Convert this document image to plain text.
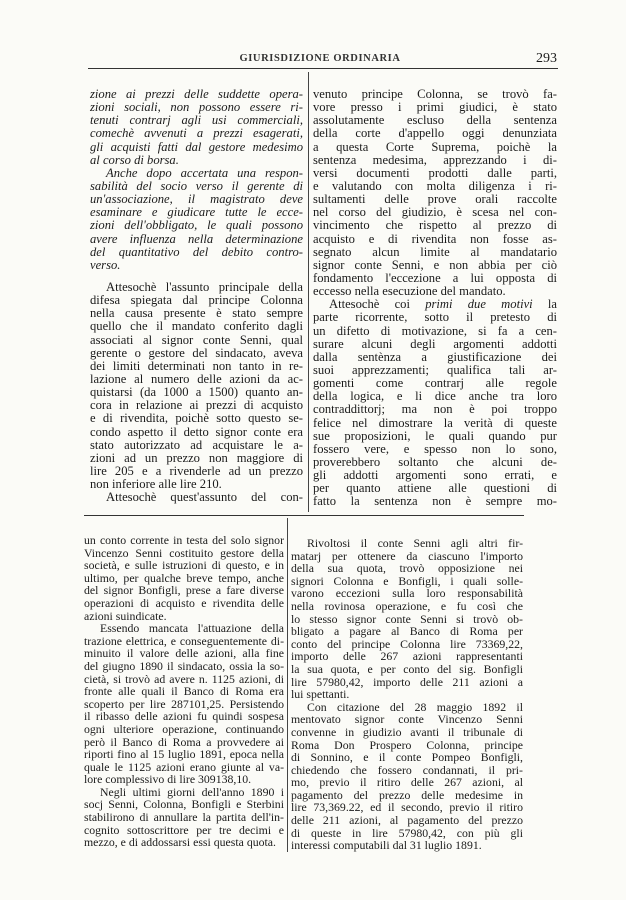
GIURISDIZIONE ORDINARIA	293
zione ai prezzi delle suddette opera-
zioni sociali, non possono essere ri-
tenuti contrarj agli usi commerciali,
comechè avvenuti a prezzi esagerati,
gli acquisti fatti dal gestore medesimo
al corso di borsa.
Anche dopo accertata una respon-
sabilità del socio verso il gerente di
un'associazione, il magistrato deve
esaminare e giudicare tutte le ecce-
zioni dell'obbligato, le quali possono
avere influenza nella determinazione
del quantitativo del debito contro-
verso.
Attesochè l'assunto principale della
difesa spiegata dal principe Colonna
nella causa presente è stato sempre
quello che il mandato conferito dagli
associati al signor conte Senni, qual
gerente o gestore del sindacato, aveva
dei limiti determinati non tanto in re-
lazione al numero delle azioni da ac-
quistarsi (da 1000 a 1500) quanto an-
cora in relazione ai prezzi di acquisto
e di rivendita, poichè sotto questo se-
condo aspetto il detto signor conte era
stato autorizzato ad acquistare le a-
zioni ad un prezzo non maggiore di
lire 205 e a rivenderle ad un prezzo
non inferiore alle lire 210.
Attesochè quest'assunto del con-
venuto principe Colonna, se trovò fa-
vore presso i primi giudici, è stato
assolutamente escluso della sentenza
della corte d'appello oggi denunziata
a questa Corte Suprema, poichè la
sentenza medesima, apprezzando i di-
versi documenti prodotti dalle parti,
e valutando con molta diligenza i ri-
sultamenti delle prove orali raccolte
nel corso del giudizio, è scesa nel con-
vincimento che rispetto al prezzo di
acquisto e di rivendita non fosse as-
segnato alcun limite al mandatario
signor conte Senni, e non abbia per ciò
fondamento l'eccezione a lui opposta di
eccesso nella esecuzione del mandato.
Attesochè coi primi due motivi la
parte ricorrente, sotto il pretesto di
un difetto di motivazione, si fa a cen-
surare alcuni degli argomenti addotti
dalla sentènza a giustificazione dei
suoi apprezzamenti; qualifica tali ar-
gomenti come contrarj alle regole
della logica, e li dice anche tra loro
contraddittorj; ma non è poi troppo
felice nel dimostrare la verità di queste
sue proposizioni, le quali quando pur
fossero vere, e spesso non lo sono,
proverebbero soltanto che alcuni de-
gli addotti argomenti sono errati, e
per quanto attiene alle questioni di
fatto la sentenza non è sempre mo-
un conto corrente in testa del solo signor
Vincenzo Senni costituito gestore della
società, e sulle istruzioni di questo, e in
ultimo, per qualche breve tempo, anche
del signor Bonfigli, prese a fare diverse
operazioni di acquisto e rivendita delle
azioni suindicate.
Essendo mancata l'attuazione della
trazione elettrica, e conseguentemente di-
minuito il valore delle azioni, alla fine
del giugno 1890 il sindacato, ossia la so-
cietà, si trovò ad avere n. 1125 azioni, di
fronte alle quali il Banco di Roma era
scoperto per lire 287101,25. Persistendo
il ribasso delle azioni fu quindi sospesa
ogni ulteriore operazione, continuando
però il Banco di Roma a provvedere ai
riporti fino al 15 luglio 1891, epoca nella
quale le 1125 azioni erano giunte al va-
lore complessivo di lire 309138,10.
Negli ultimi giorni dell'anno 1890 i
socj Senni, Colonna, Bonfigli e Sterbini
stabilirono di annullare la partita dell'in-
cognito sottoscrittore per tre decimi e
mezzo, e di addossarsi essi questa quota.
Rivoltosi il conte Senni agli altri fir-
matarj per ottenere da ciascuno l'importo
della sua quota, trovò opposizione nei
signori Colonna e Bonfigli, i quali solle-
varono eccezioni sulla loro responsabilità
nella rovinosa operazione, e fu così che
lo stesso signor conte Senni si trovò ob-
bligato a pagare al Banco di Roma per
conto del principe Colonna lire 73369,22,
importo delle 267 azioni rappresentanti
la sua quota, e per conto del sig. Bonfigli
lire 57980,42, importo delle 211 azioni a
lui spettanti.
Con citazione del 28 maggio 1892 il
mentovato signor conte Vincenzo Senni
convenne in giudizio avanti il tribunale di
Roma Don Prospero Colonna, principe
di Sonnino, e il conte Pompeo Bonfigli,
chiedendo che fossero condannati, il pri-
mo, previo il ritiro delle 267 azioni, al
pagamento del prezzo delle medesime in
lire 73,369.22, ed il secondo, previo il ritiro
delle 211 azioni, al pagamento del prezzo
di queste in lire 57980,42, con più gli
interessi computabili dal 31 luglio 1891.
